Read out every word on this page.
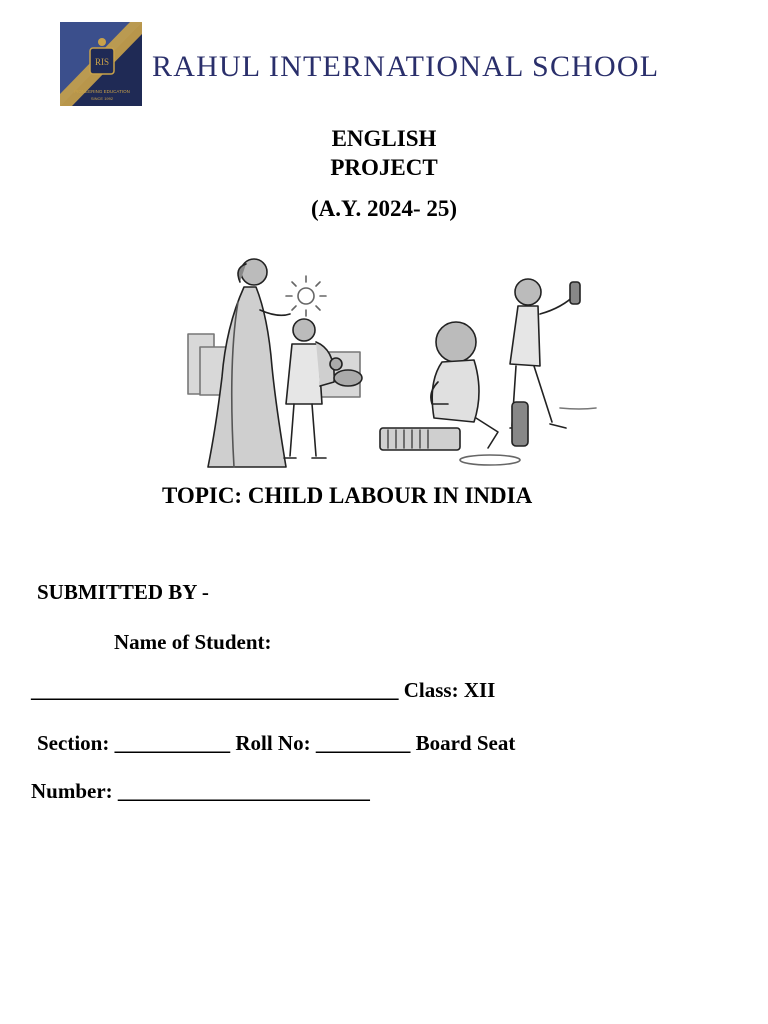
RIS
PIONEERING EDUCATION
SINCE 1992
RAHUL INTERNATIONAL SCHOOL
ENGLISH
PROJECT
(A.Y. 2024- 25)
TOPIC: CHILD LABOUR IN INDIA
SUBMITTED BY -
Name of Student:
___________________________________ Class: XII
Section: ___________ Roll No: _________ Board Seat
Number: ________________________
